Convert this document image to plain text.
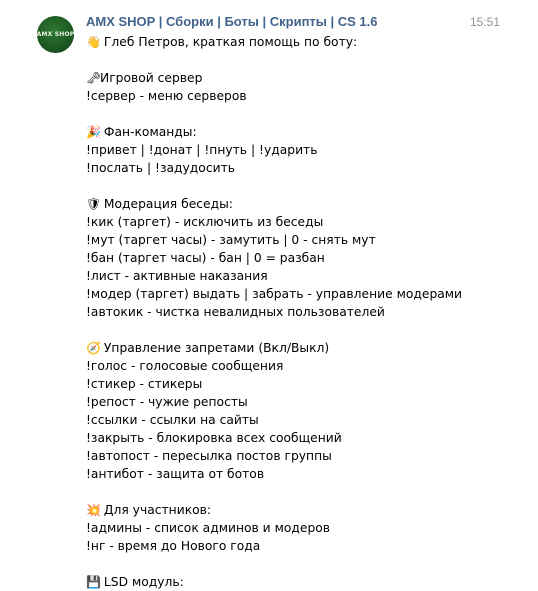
AMX SHOP
AMX SHOP | Сборки | Боты | Скрипты | CS 1.6	15:51
👋 Глеб Петров, краткая помощь по боту:
🗝Игровой сервер
!сервер - меню серверов
🎉 Фан-команды:
!привет | !донат | !пнуть | !ударить
!послать | !задудосить
🛡 Модерация беседы:
!кик (таргет) - исключить из беседы
!мут (таргет часы) - замутить | 0 - снять мут
!бан (таргет часы) - бан | 0 = разбан
!лист - активные наказания
!модер (таргет) выдать | забрать - управление модерами
!автокик - чистка невалидных пользователей
🧭 Управление запретами (Вкл/Выкл)
!голос - голосовые сообщения
!стикер - стикеры
!репост - чужие репосты
!ссылки - ссылки на сайты
!закрыть - блокировка всех сообщений
!автопост - пересылка постов группы
!антибот - защита от ботов
💥 Для участников:
!админы - список админов и модеров
!нг - время до Нового года
💾 LSD модуль:
